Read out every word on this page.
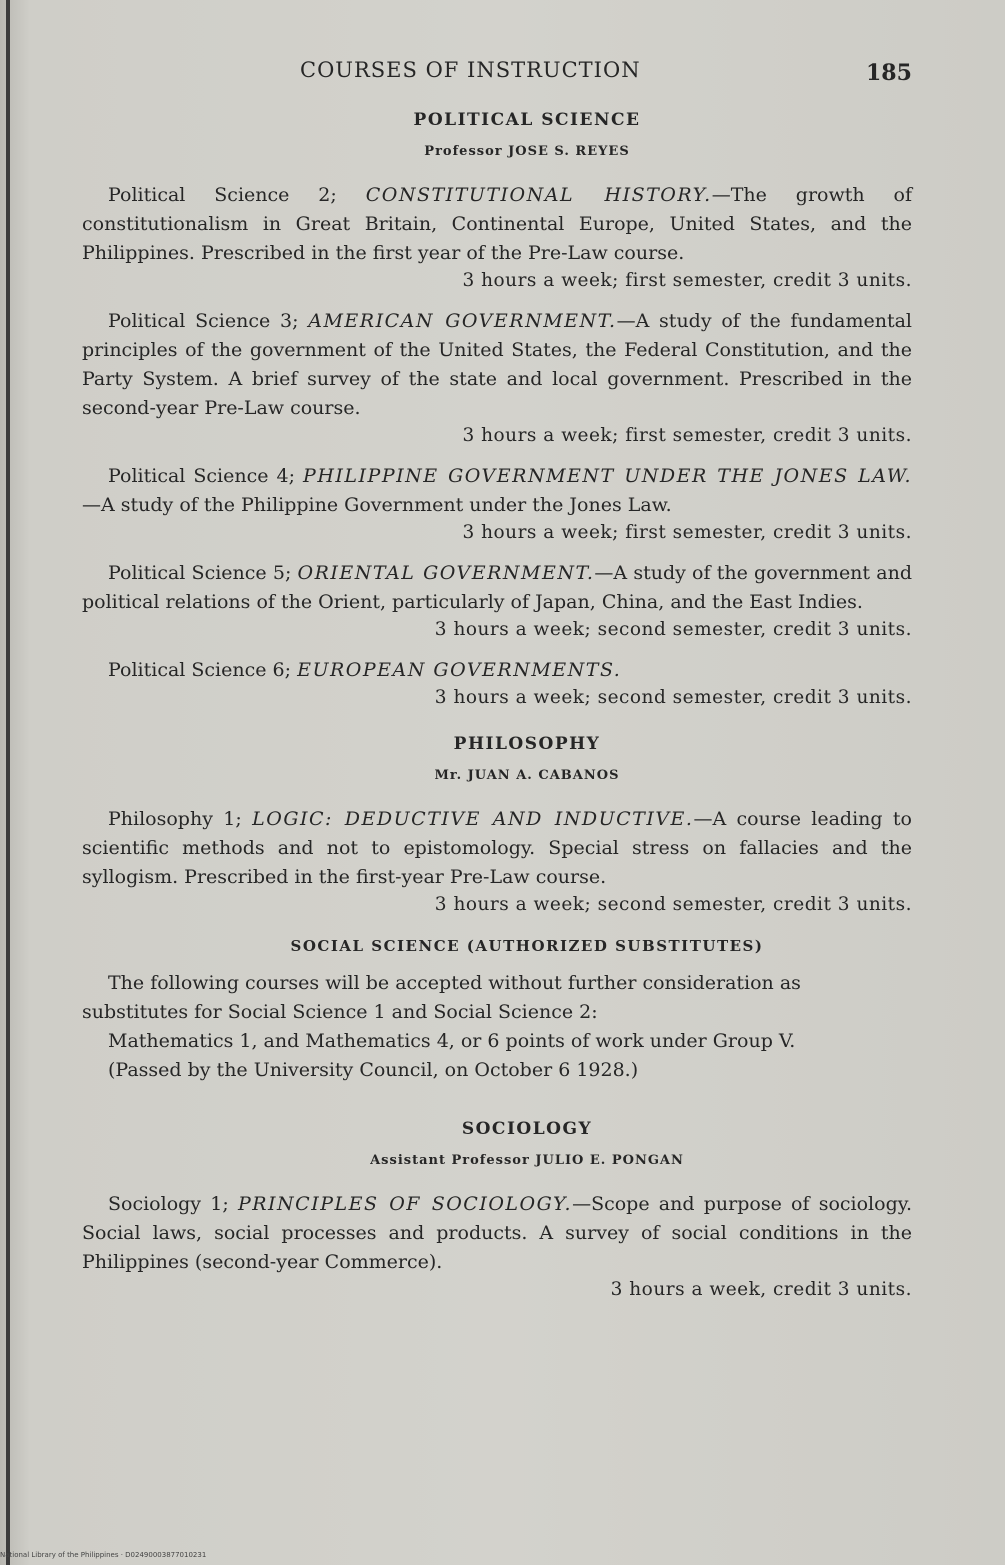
COURSES OF INSTRUCTION	185
POLITICAL SCIENCE
Professor JOSE S. REYES

Political Science 2; CONSTITUTIONAL HISTORY.—The growth of constitutionalism in Great Britain, Continental Europe, United States, and the Philippines. Prescribed in the first year of the Pre-Law course.

3 hours a week; first semester, credit 3 units.

Political Science 3; AMERICAN GOVERNMENT.—A study of the fundamental principles of the government of the United States, the Federal Constitution, and the Party System. A brief survey of the state and local government. Prescribed in the second-year Pre-Law course.

3 hours a week; first semester, credit 3 units.

Political Science 4; PHILIPPINE GOVERNMENT UNDER THE JONES LAW.—A study of the Philippine Government under the Jones Law.

3 hours a week; first semester, credit 3 units.

Political Science 5; ORIENTAL GOVERNMENT.—A study of the government and political relations of the Orient, particularly of Japan, China, and the East Indies.

3 hours a week; second semester, credit 3 units.

Political Science 6; EUROPEAN GOVERNMENTS.

3 hours a week; second semester, credit 3 units.

PHILOSOPHY
Mr. JUAN A. CABANOS

Philosophy 1; LOGIC: DEDUCTIVE AND INDUCTIVE.—A course leading to scientific methods and not to epistomology. Special stress on fallacies and the syllogism. Prescribed in the first-year Pre-Law course.

3 hours a week; second semester, credit 3 units.

SOCIAL SCIENCE (AUTHORIZED SUBSTITUTES)

The following courses will be accepted without further consideration as substitutes for Social Science 1 and Social Science 2:

Mathematics 1, and Mathematics 4, or 6 points of work under Group V.

(Passed by the University Council, on October 6 1928.)

SOCIOLOGY
Assistant Professor JULIO E. PONGAN

Sociology 1; PRINCIPLES OF SOCIOLOGY.—Scope and purpose of sociology. Social laws, social processes and products. A survey of social conditions in the Philippines (second-year Commerce).

3 hours a week, credit 3 units.

National Library of the Philippines · D02490003877010231
